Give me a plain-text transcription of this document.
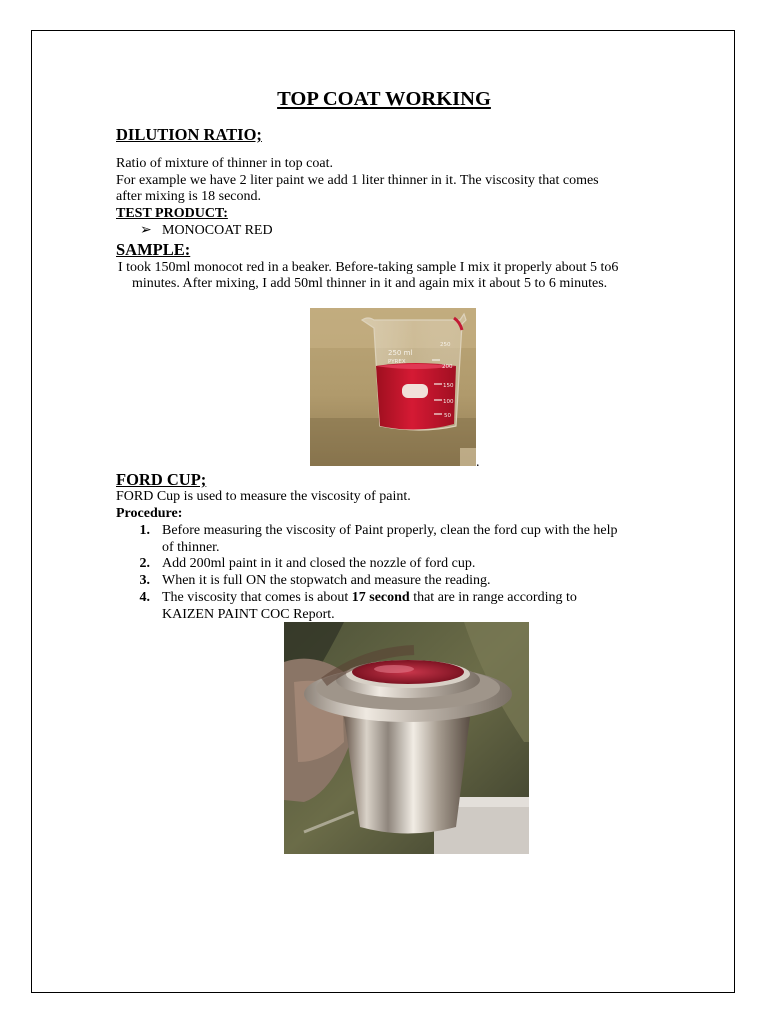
TOP COAT WORKING
DILUTION RATIO;
Ratio of mixture of thinner in top coat.
For example we have 2 liter paint we add 1 liter thinner in it. The viscosity that comes
after mixing is 18 second.
TEST PRODUCT:
➢ MONOCOAT RED
SAMPLE:
I took 150ml monocot red in a beaker. Before-taking sample I mix it properly about 5 to6
minutes. After mixing, I add 50ml thinner in it and again mix it about 5 to 6 minutes.
250 ml
PYREX
250
200
150
100
50
.
FORD CUP;
FORD Cup is used to measure the viscosity of paint.
Procedure:
1. Before measuring the viscosity of Paint properly, clean the ford cup with the help
of thinner.
2. Add 200ml paint in it and closed the nozzle of ford cup.
3. When it is full ON the stopwatch and measure the reading.
4. The viscosity that comes is about 17 second that are in range according to
KAIZEN PAINT COC Report.
